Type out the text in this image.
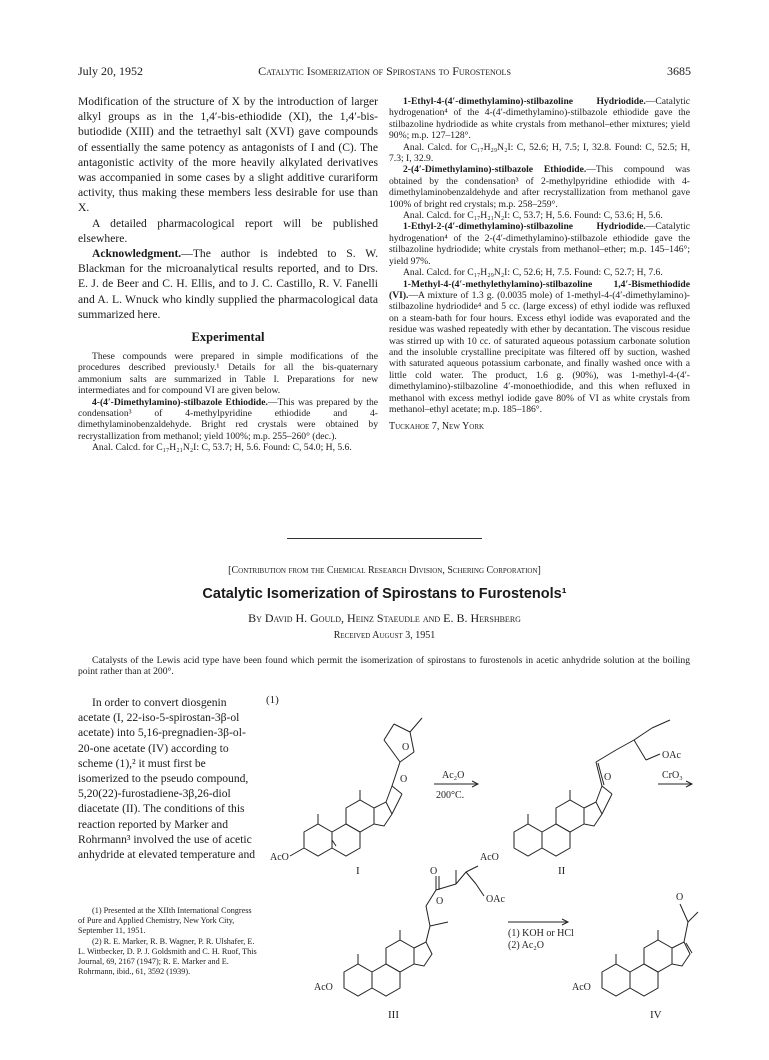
July 20, 1952	Catalytic Isomerization of Spirostans to Furostenols	3685

Modification of the structure of X by the introduction of larger alkyl groups as in the 1,4′-bis-ethiodide (XI), the 1,4′-bis-butiodide (XIII) and the tetraethyl salt (XVI) gave compounds of essentially the same potency as antagonists of I and (C). The antagonistic activity of the more heavily alkylated derivatives was accompanied in some cases by a slight additive curariform activity, thus making these members less desirable for use than X.

A detailed pharmacological report will be published elsewhere.

Acknowledgment.—The author is indebted to S. W. Blackman for the microanalytical results reported, and to Drs. E. J. de Beer and C. H. Ellis, and to J. C. Castillo, R. V. Fanelli and A. L. Wnuck who kindly supplied the pharmacological data summarized here.

Experimental

These compounds were prepared in simple modifications of the procedures described previously.¹ Details for all the bis-quaternary ammonium salts are summarized in Table I. Preparations for new intermediates and for compound VI are given below.

4-(4′-Dimethylamino)-stilbazole Ethiodide.—This was prepared by the condensation³ of 4-methylpyridine ethiodide and 4-dimethylaminobenzaldehyde. Bright red crystals were obtained by recrystallization from methanol; yield 100%; m.p. 255–260° (dec.).

Anal. Calcd. for C₁₇H₂₁N₂I: C, 53.7; H, 5.6. Found: C, 54.0; H, 5.6.

1-Ethyl-4-(4′-dimethylamino)-stilbazoline Hydriodide.—Catalytic hydrogenation⁴ of the 4-(4′-dimethylamino)-stilbazole ethiodide gave the stilbazoline hydriodide as white crystals from methanol–ether mixtures; yield 90%; m.p. 127–128°.

Anal. Calcd. for C₁₇H₂₉N₂I: C, 52.6; H, 7.5; I, 32.8. Found: C, 52.5; H, 7.3; I, 32.9.

2-(4′-Dimethylamino)-stilbazole Ethiodide.—This compound was obtained by the condensation³ of 2-methylpyridine ethiodide with 4-dimethylaminobenzaldehyde and after recrystallization from methanol gave 100% of bright red crystals; m.p. 258–259°.

Anal. Calcd. for C₁₇H₂₁N₂I: C, 53.7; H, 5.6. Found: C, 53.6; H, 5.6.

1-Ethyl-2-(4′-dimethylamino)-stilbazoline Hydriodide.—Catalytic hydrogenation⁴ of the 2-(4′-dimethylamino)-stilbazole ethiodide gave the stilbazoline hydriodide; white crystals from methanol–ether; m.p. 145–146°; yield 97%.

Anal. Calcd. for C₁₇H₂₉N₂I: C, 52.6; H, 7.5. Found: C, 52.7; H, 7.6.

1-Methyl-4-(4′-methylethylamino)-stilbazoline 1,4′-Bismethiodide (VI).—A mixture of 1.3 g. (0.0035 mole) of 1-methyl-4-(4′-dimethylamino)-stilbazoline hydriodide⁴ and 5 cc. (large excess) of ethyl iodide was refluxed on a steam-bath for four hours. Excess ethyl iodide was evaporated and the residue was washed repeatedly with ether by decantation. The viscous residue was stirred up with 10 cc. of saturated aqueous potassium carbonate solution and the insoluble crystalline precipitate was filtered off by suction, washed with saturated aqueous potassium carbonate, and finally washed once with a little cold water. The product, 1.6 g. (90%), was 1-methyl-4-(4′-dimethylamino)-stilbazoline 4′-monoethiodide, and this when refluxed in methanol with excess methyl iodide gave 80% of VI as white crystals from methanol–ethyl acetate; m.p. 185–186°.

Tuckahoe 7, New York

[Contribution from the Chemical Research Division, Schering Corporation]
Catalytic Isomerization of Spirostans to Furostenols¹
By David H. Gould, Heinz Staeudle and E. B. Hershberg
Received August 3, 1951

Catalysts of the Lewis acid type have been found which permit the isomerization of spirostans to furostenols in acetic anhydride solution at the boiling point rather than at 200°.

In order to convert diosgenin acetate (I, 22-iso-5-spirostan-3β-ol acetate) into 5,16-pregnadien-3β-ol-20-one acetate (IV) according to scheme (1),² it must first be isomerized to the pseudo compound, 5,20(22)-furostadiene-3β,26-diol diacetate (II). The conditions of this reaction reported by Marker and Rohrmann³ involved the use of acetic anhydride at elevated temperature and

(1) Presented at the XIIth International Congress of Pure and Applied Chemistry, New York City, September 11, 1951.

(2) R. E. Marker, R. B. Wagner, P. R. Ulshafer, E. L. Wittbecker, D. P. J. Goldsmith and C. H. Ruof, This Journal, 69, 2167 (1947); R. E. Marker and E. Rohrmann, ibid., 61, 3592 (1939).

(1)
O
O
AcO
I
Ac₂O
200°C.
OAc
O
AcO
II
CrO₃
O
O	OAc
AcO
III
(1) KOH or HCl
(2) Ac₂O
O
AcO
IV
